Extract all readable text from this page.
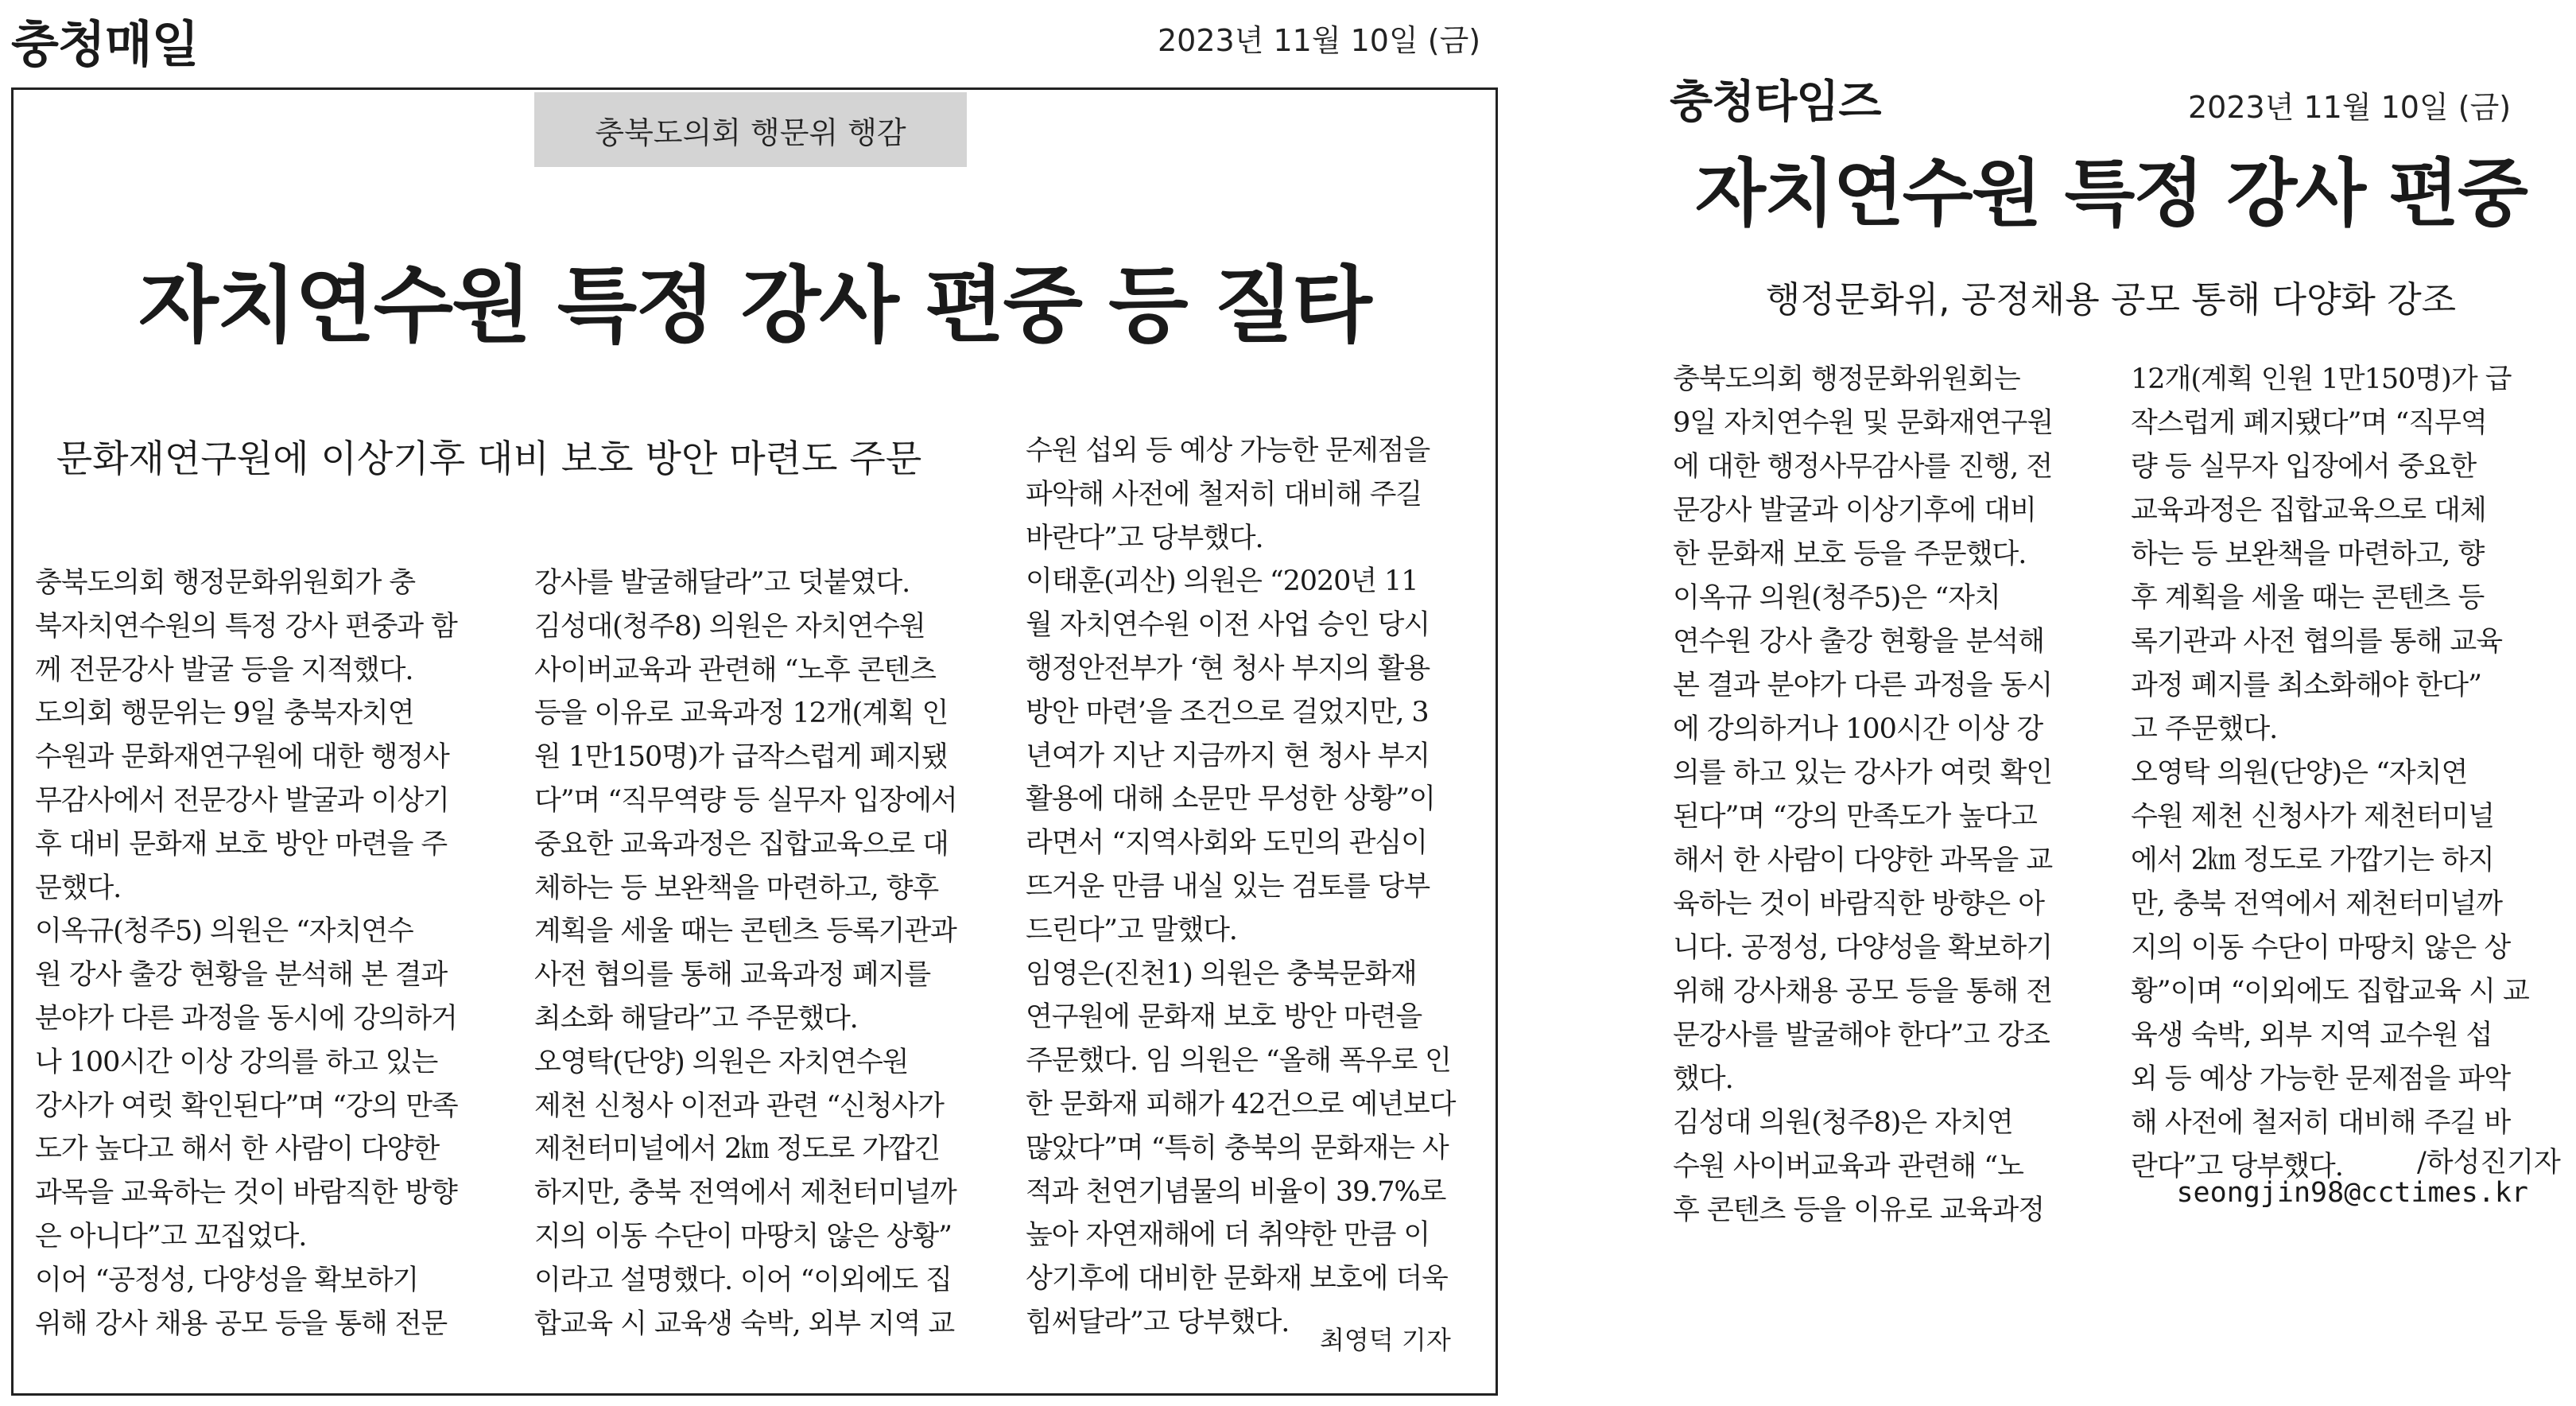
충청매일	2023년 11월 10일 (금)
충북도의회 행문위 행감
자치연수원 특정 강사 편중 등 질타
문화재연구원에 이상기후 대비 보호 방안 마련도 주문
충북도의회 행정문화위원회가 충
북자치연수원의 특정 강사 편중과 함
께 전문강사 발굴 등을 지적했다.
도의회 행문위는 9일 충북자치연
수원과 문화재연구원에 대한 행정사
무감사에서 전문강사 발굴과 이상기
후 대비 문화재 보호 방안 마련을 주
문했다.
이옥규(청주5) 의원은 “자치연수
원 강사 출강 현황을 분석해 본 결과
분야가 다른 과정을 동시에 강의하거
나 100시간 이상 강의를 하고 있는
강사가 여럿 확인된다”며 “강의 만족
도가 높다고 해서 한 사람이 다양한
과목을 교육하는 것이 바람직한 방향
은 아니다”고 꼬집었다.
이어 “공정성, 다양성을 확보하기
위해 강사 채용 공모 등을 통해 전문
강사를 발굴해달라”고 덧붙였다.
김성대(청주8) 의원은 자치연수원
사이버교육과 관련해 “노후 콘텐츠
등을 이유로 교육과정 12개(계획 인
원 1만150명)가 급작스럽게 폐지됐
다”며 “직무역량 등 실무자 입장에서
중요한 교육과정은 집합교육으로 대
체하는 등 보완책을 마련하고, 향후
계획을 세울 때는 콘텐츠 등록기관과
사전 협의를 통해 교육과정 폐지를
최소화 해달라”고 주문했다.
오영탁(단양) 의원은 자치연수원
제천 신청사 이전과 관련 “신청사가
제천터미널에서 2㎞ 정도로 가깝긴
하지만, 충북 전역에서 제천터미널까
지의 이동 수단이 마땅치 않은 상황”
이라고 설명했다. 이어 “이외에도 집
합교육 시 교육생 숙박, 외부 지역 교
수원 섭외 등 예상 가능한 문제점을
파악해 사전에 철저히 대비해 주길
바란다”고 당부했다.
이태훈(괴산) 의원은 “2020년 11
월 자치연수원 이전 사업 승인 당시
행정안전부가 ‘현 청사 부지의 활용
방안 마련’을 조건으로 걸었지만, 3
년여가 지난 지금까지 현 청사 부지
활용에 대해 소문만 무성한 상황”이
라면서 “지역사회와 도민의 관심이
뜨거운 만큼 내실 있는 검토를 당부
드린다”고 말했다.
임영은(진천1) 의원은 충북문화재
연구원에 문화재 보호 방안 마련을
주문했다. 임 의원은 “올해 폭우로 인
한 문화재 피해가 42건으로 예년보다
많았다”며 “특히 충북의 문화재는 사
적과 천연기념물의 비율이 39.7%로
높아 자연재해에 더 취약한 만큼 이
상기후에 대비한 문화재 보호에 더욱
힘써달라”고 당부했다.
최영덕 기자
충청타임즈	2023년 11월 10일 (금)
자치연수원 특정 강사 편중
행정문화위, 공정채용 공모 통해 다양화 강조
충북도의회 행정문화위원회는
9일 자치연수원 및 문화재연구원
에 대한 행정사무감사를 진행, 전
문강사 발굴과 이상기후에 대비
한 문화재 보호 등을 주문했다.
이옥규 의원(청주5)은 “자치
연수원 강사 출강 현황을 분석해
본 결과 분야가 다른 과정을 동시
에 강의하거나 100시간 이상 강
의를 하고 있는 강사가 여럿 확인
된다”며 “강의 만족도가 높다고
해서 한 사람이 다양한 과목을 교
육하는 것이 바람직한 방향은 아
니다. 공정성, 다양성을 확보하기
위해 강사채용 공모 등을 통해 전
문강사를 발굴해야 한다”고 강조
했다.
김성대 의원(청주8)은 자치연
수원 사이버교육과 관련해 “노
후 콘텐츠 등을 이유로 교육과정
12개(계획 인원 1만150명)가 급
작스럽게 폐지됐다”며 “직무역
량 등 실무자 입장에서 중요한
교육과정은 집합교육으로 대체
하는 등 보완책을 마련하고, 향
후 계획을 세울 때는 콘텐츠 등
록기관과 사전 협의를 통해 교육
과정 폐지를 최소화해야 한다”
고 주문했다.
오영탁 의원(단양)은 “자치연
수원 제천 신청사가 제천터미널
에서 2㎞ 정도로 가깝기는 하지
만, 충북 전역에서 제천터미널까
지의 이동 수단이 마땅치 않은 상
황”이며 “이외에도 집합교육 시 교
육생 숙박, 외부 지역 교수원 섭
외 등 예상 가능한 문제점을 파악
해 사전에 철저히 대비해 주길 바
란다”고 당부했다.	/하성진기자
seongjin98@cctimes.kr
